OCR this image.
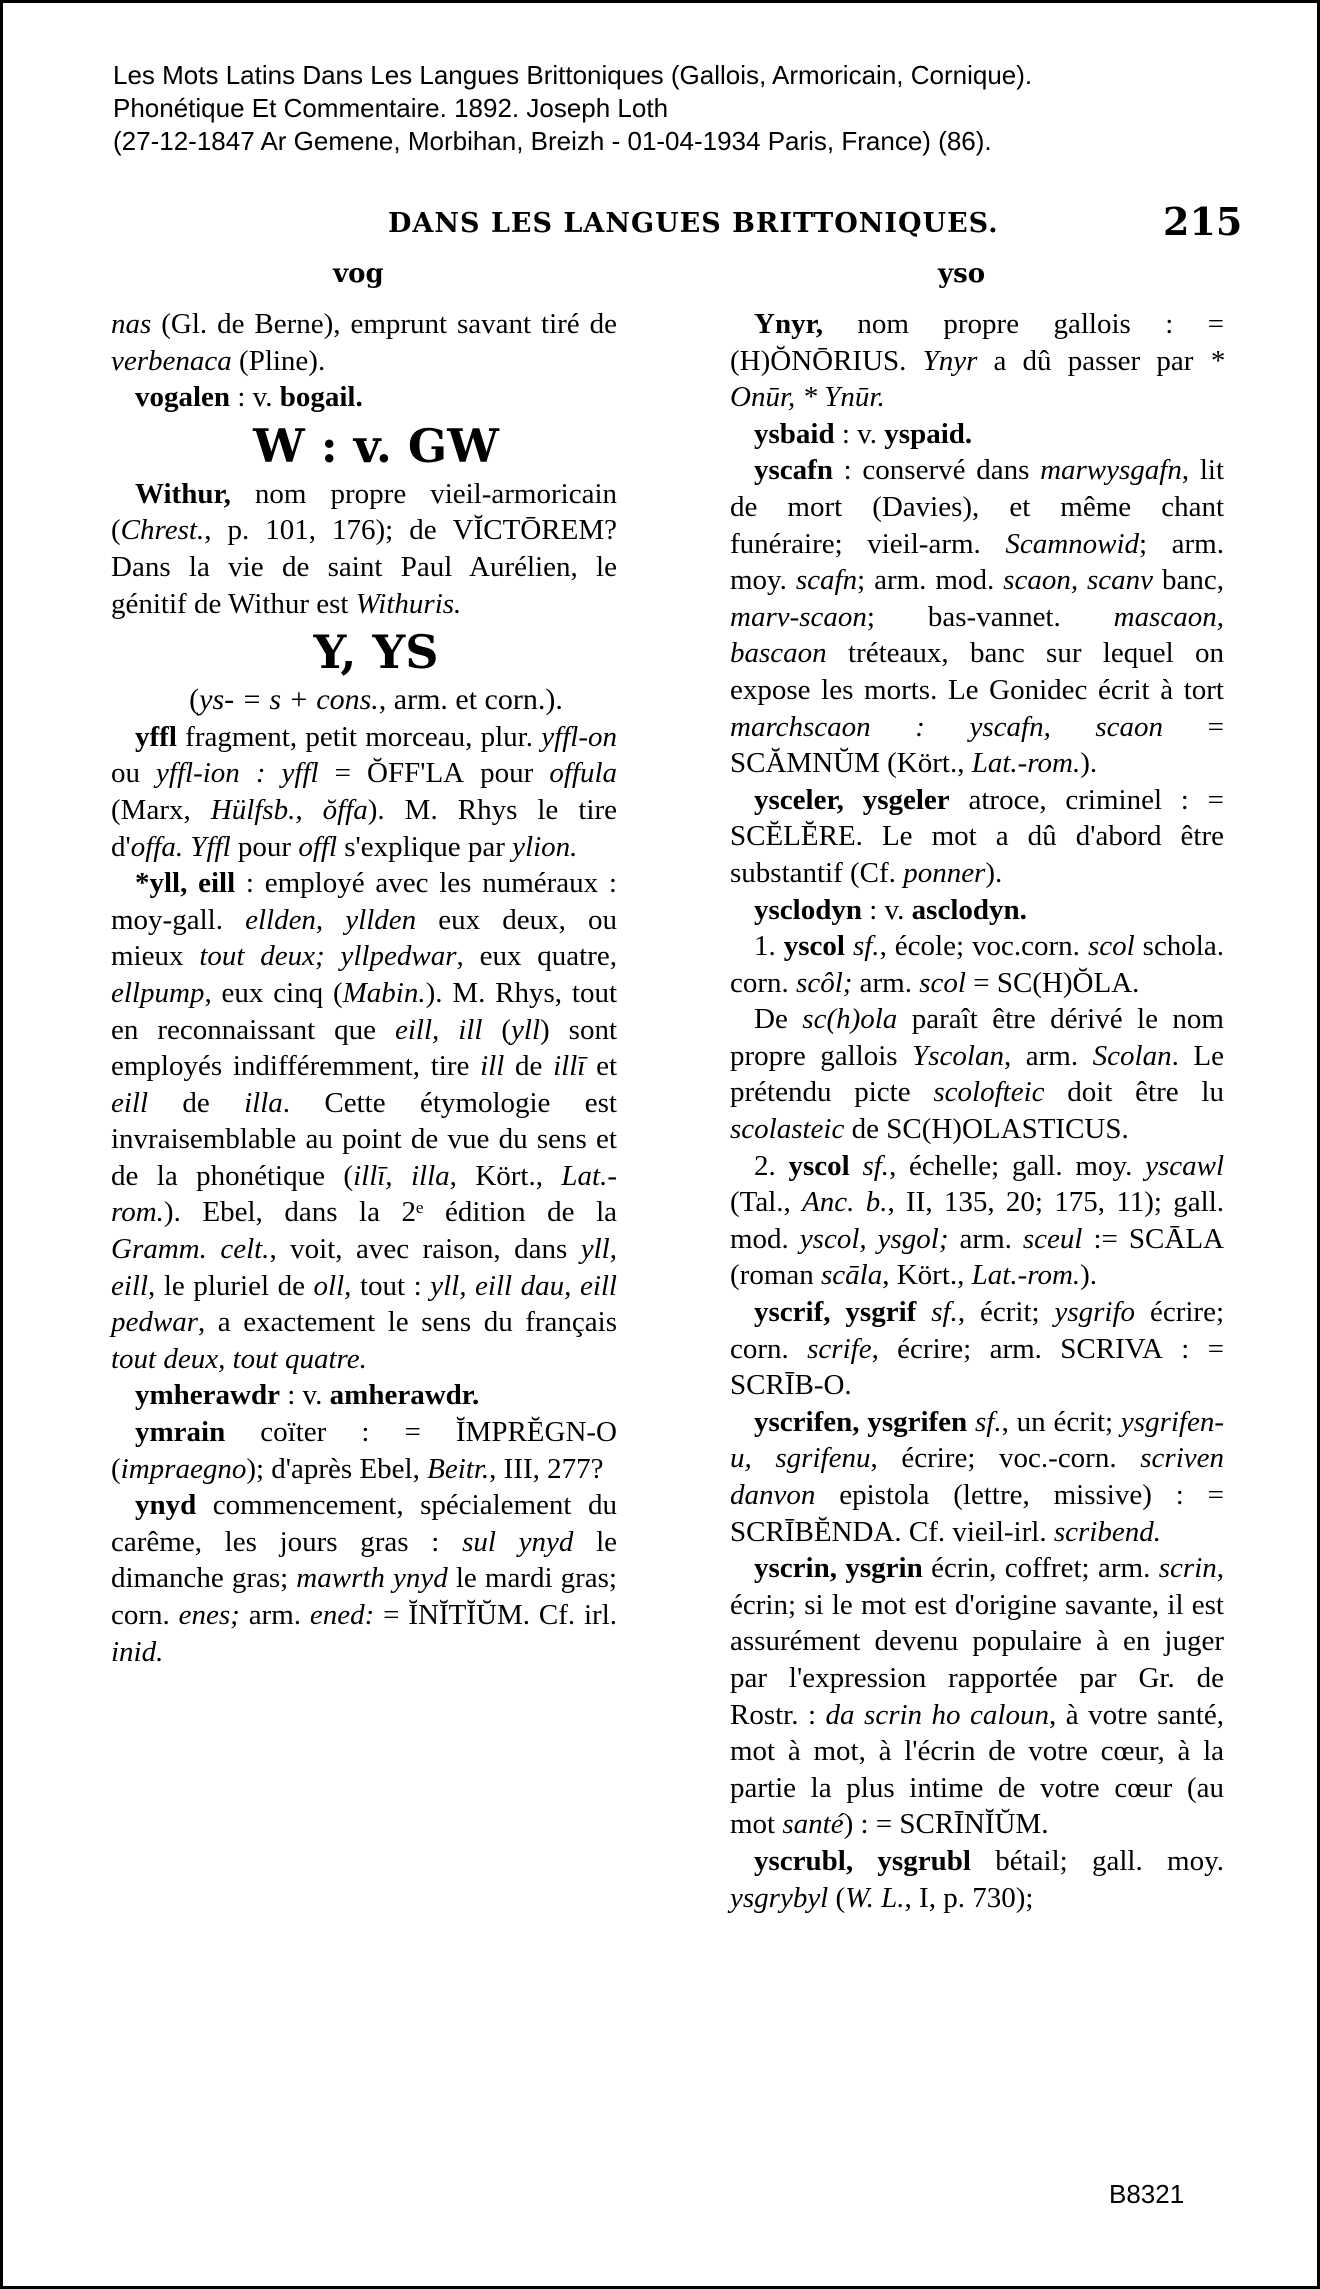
Les Mots Latins Dans Les Langues Brittoniques (Gallois, Armoricain, Cornique).
Phonétique Et Commentaire. 1892. Joseph Loth
(27-12-1847 Ar Gemene, Morbihan, Breizh - 01-04-1934 Paris, France) (86).
DANS LES LANGUES BRITTONIQUES.	215
vog	yso

nas (Gl. de Berne), emprunt savant tiré de verbenaca (Pline).

vogalen : v. bogail.

W : v. GW

Withur, nom propre vieil-armoricain (Chrest., p. 101, 176); de VĬCTŌREM? Dans la vie de saint Paul Aurélien, le génitif de Withur est Withuris.

Y, YS

(ys- = s + cons., arm. et corn.).

yffl fragment, petit morceau, plur. yffl-on ou yffl-ion : yffl = ŎFF'LA pour offula (Marx, Hülfsb., ŏffa). M. Rhys le tire d'offa. Yffl pour offl s'explique par ylion.

*yll, eill : employé avec les numéraux : moy-gall. ellden, yllden eux deux, ou mieux tout deux; yllpedwar, eux quatre, ellpump, eux cinq (Mabin.). M. Rhys, tout en reconnaissant que eill, ill (yll) sont employés indifféremment, tire ill de illī et eill de illa. Cette étymologie est invraisemblable au point de vue du sens et de la phonétique (illī, illa, Kört., Lat.-rom.). Ebel, dans la 2ᵉ édition de la Gramm. celt., voit, avec raison, dans yll, eill, le pluriel de oll, tout : yll, eill dau, eill pedwar, a exactement le sens du français tout deux, tout quatre.

ymherawdr : v. amherawdr.

ymrain coïter : = ĬMPRĔGN-O (impraegno); d'après Ebel, Beitr., III, 277?

ynyd commencement, spécialement du carême, les jours gras : sul ynyd le dimanche gras; mawrth ynyd le mardi gras; corn. enes; arm. ened: = ĬNĬTĬŬM. Cf. irl. inid.

Ynyr, nom propre gallois : = (H)ŎNŌRIUS. Ynyr a dû passer par * Onūr, * Ynūr.

ysbaid : v. yspaid.

yscafn : conservé dans marwysgafn, lit de mort (Davies), et même chant funéraire; vieil-arm. Scamnowid; arm. moy. scafn; arm. mod. scaon, scanv banc, marv-scaon; bas-vannet. mascaon, bascaon tréteaux, banc sur lequel on expose les morts. Le Gonidec écrit à tort marchscaon : yscafn, scaon = SCĂMNŬM (Kört., Lat.-rom.).

ysceler, ysgeler atroce, criminel : = SCĔLĔRE. Le mot a dû d'abord être substantif (Cf. ponner).

ysclodyn : v. asclodyn.

1. yscol sf., école; voc.corn. scol schola. corn. scôl; arm. scol = SC(H)ŎLA.

De sc(h)ola paraît être dérivé le nom propre gallois Yscolan, arm. Scolan. Le prétendu picte scolofteic doit être lu scolasteic de SC(H)OLASTICUS.

2. yscol sf., échelle; gall. moy. yscawl (Tal., Anc. b., II, 135, 20; 175, 11); gall. mod. yscol, ysgol; arm. sceul := SCĀLA (roman scāla, Kört., Lat.-rom.).

yscrif, ysgrif sf., écrit; ysgrifo écrire; corn. scrife, écrire; arm. SCRIVA : = SCRĪB-O.

yscrifen, ysgrifen sf., un écrit; ysgrifen-u, sgrifenu, écrire; voc.-corn. scriven danvon epistola (lettre, missive) : = SCRĪBĔNDA. Cf. vieil-irl. scribend.

yscrin, ysgrin écrin, coffret; arm. scrin, écrin; si le mot est d'origine savante, il est assurément devenu populaire à en juger par l'expression rapportée par Gr. de Rostr. : da scrin ho caloun, à votre santé, mot à mot, à l'écrin de votre cœur, à la partie la plus intime de votre cœur (au mot santé) : = SCRĪNĬŬM.

yscrubl, ysgrubl bétail; gall. moy. ysgrybyl (W. L., I, p. 730);

B8321
